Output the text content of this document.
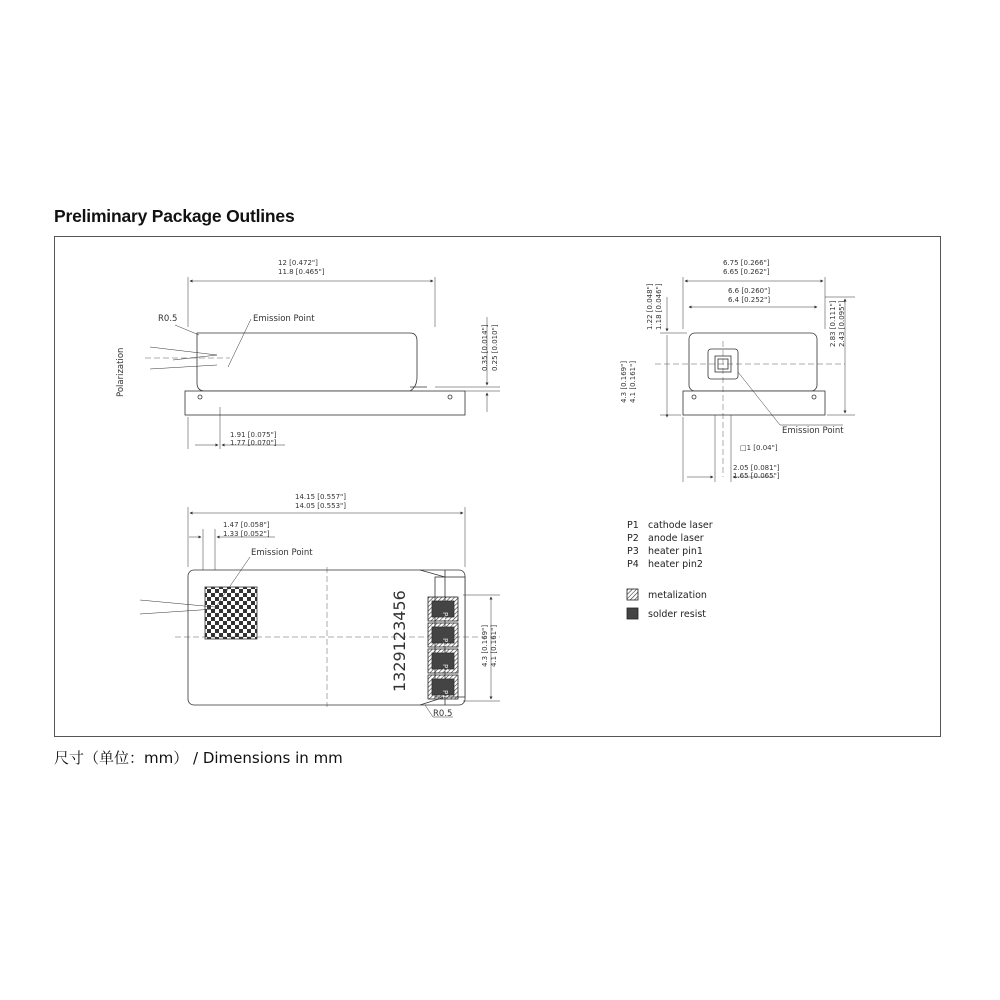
Preliminary Package Outlines
12 [0.472"]
11.8 [0.465"]
R0.5	Emission Point
Polarization
1.91 [0.075"]
1.77 [0.070"]
0.35 [0.014"] 0.25 [0.010"]
6.75 [0.266"]
6.65 [0.262"]
6.6 [0.260"]
6.4 [0.252"]
1.22 [0.048"] 1.18 [0.046"]
4.3 [0.169"] 4.1 [0.161"]
2.83 [0.111"] 2.43 [0.095"]
Emission Point
□1 [0.04"]
2.05 [0.081"]
1.65 [0.065"]
14.15 [0.557"]
14.05 [0.553"]
1.47 [0.058"]
1.33 [0.052"]
Emission Point
1329123456	P4
P3
P2
P1
4.3 [0.169"] 4.1 [0.161"]
R0.5
P1 cathode laser
P2 anode laser
P3 heater pin1
P4 heater pin2
metalization
solder resist
尺寸（单位：mm） / Dimensions in mm
